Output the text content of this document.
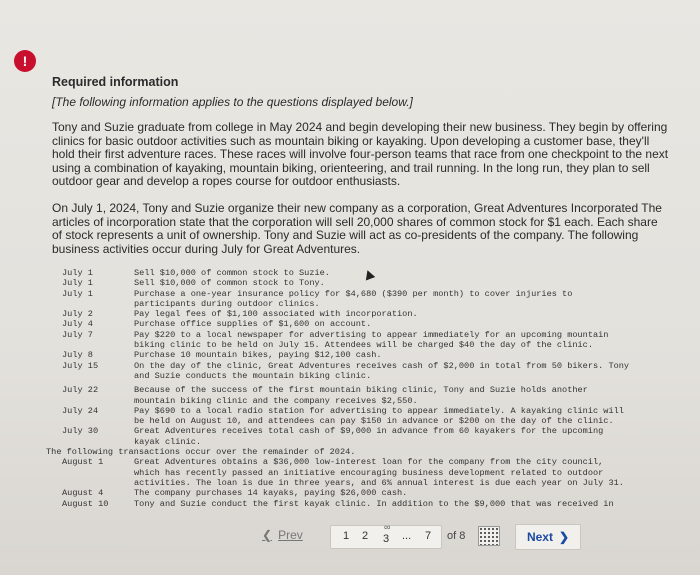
!

Required information

[The following information applies to the questions displayed below.]

Tony and Suzie graduate from college in May 2024 and begin developing their new business. They begin by offering clinics for basic outdoor activities such as mountain biking or kayaking. Upon developing a customer base, they'll hold their first adventure races. These races will involve four-person teams that race from one checkpoint to the next using a combination of kayaking, mountain biking, orienteering, and trail running. In the long run, they plan to sell outdoor gear and develop a ropes course for outdoor enthusiasts.

On July 1, 2024, Tony and Suzie organize their new company as a corporation, Great Adventures Incorporated The articles of incorporation state that the corporation will sell 20,000 shares of common stock for $1 each. Each share of stock represents a unit of ownership. Tony and Suzie will act as co-presidents of the company. The following business activities occur during July for Great Adventures.

July 1	Sell $10,000 of common stock to Suzie.
July 1	Sell $10,000 of common stock to Tony.
July 1	Purchase a one-year insurance policy for $4,680 ($390 per month) to cover injuries to
participants during outdoor clinics.
July 2	Pay legal fees of $1,100 associated with incorporation.
July 4	Purchase office supplies of $1,600 on account.
July 7	Pay $220 to a local newspaper for advertising to appear immediately for an upcoming mountain
biking clinic to be held on July 15. Attendees will be charged $40 the day of the clinic.
July 8	Purchase 10 mountain bikes, paying $12,100 cash.
July 15	On the day of the clinic, Great Adventures receives cash of $2,000 in total from 50 bikers. Tony
and Suzie conducts the mountain biking clinic.
July 22	Because of the success of the first mountain biking clinic, Tony and Suzie holds another
mountain biking clinic and the company receives $2,550.
July 24	Pay $690 to a local radio station for advertising to appear immediately. A kayaking clinic will
be held on August 10, and attendees can pay $150 in advance or $200 on the day of the clinic.
July 30	Great Adventures receives total cash of $9,000 in advance from 60 kayakers for the upcoming
kayak clinic.
The following transactions occur over the remainder of 2024.
August 1	Great Adventures obtains a $36,000 low-interest loan for the company from the city council,
which has recently passed an initiative encouraging business development related to outdoor
activities. The loan is due in three years, and 6% annual interest is due each year on July 31.
August 4	The company purchases 14 kayaks, paying $26,000 cash.
August 10	Tony and Suzie conduct the first kayak clinic. In addition to the $9,000 that was received in
❮ Prev	1 2
∞
3 ... 7 of 8	Next ❯
